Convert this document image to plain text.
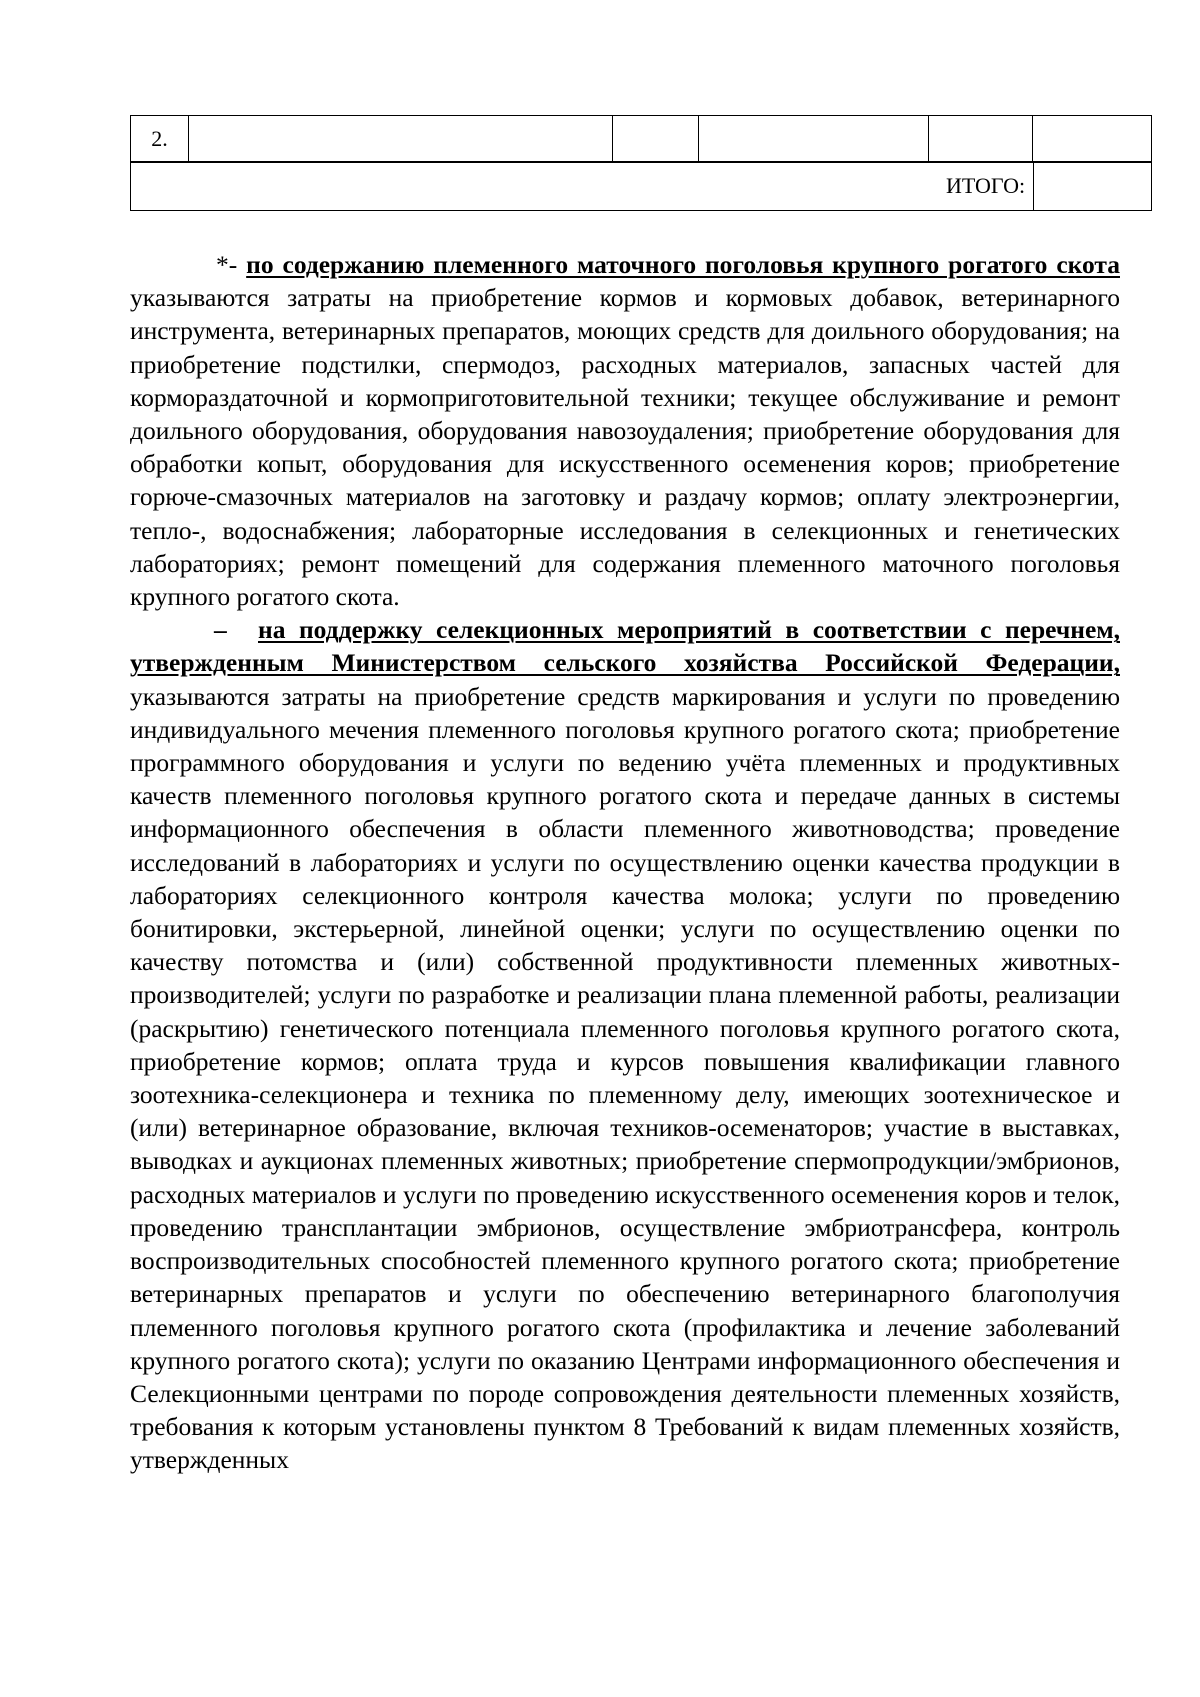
2.
ИТОГО:

*- по содержанию племенного маточного поголовья крупного рогатого скота указываются затраты на приобретение кормов и кормовых добавок, ветеринарного инструмента, ветеринарных препаратов, моющих средств для доильного оборудования; на приобретение подстилки, спермодоз, расходных материалов, запасных частей для кормораздаточной и кормоприготовительной техники; текущее обслуживание и ремонт доильного оборудования, оборудования навозоудаления; приобретение оборудования для обработки копыт, оборудования для искусственного осеменения коров; приобретение горюче-смазочных материалов на заготовку и раздачу кормов; оплату электроэнергии, тепло-, водоснабжения; лабораторные исследования в селекционных и генетических лабораториях; ремонт помещений для содержания племенного маточного поголовья крупного рогатого скота.

– на поддержку селекционных мероприятий в соответствии с перечнем, утвержденным Министерством сельского хозяйства Российской Федерации, указываются затраты на приобретение средств маркирования и услуги по проведению индивидуального мечения племенного поголовья крупного рогатого скота; приобретение программного оборудования и услуги по ведению учёта племенных и продуктивных качеств племенного поголовья крупного рогатого скота и передаче данных в системы информационного обеспечения в области племенного животноводства; проведение исследований в лабораториях и услуги по осуществлению оценки качества продукции в лабораториях селекционного контроля качества молока; услуги по проведению бонитировки, экстерьерной, линейной оценки; услуги по осуществлению оценки по качеству потомства и (или) собственной продуктивности племенных животных-производителей; услуги по разработке и реализации плана племенной работы, реализации (раскрытию) генетического потенциала племенного поголовья крупного рогатого скота, приобретение кормов; оплата труда и курсов повышения квалификации главного зоотехника-селекционера и техника по племенному делу, имеющих зоотехническое и (или) ветеринарное образование, включая техников-осеменаторов; участие в выставках, выводках и аукционах племенных животных; приобретение спермопродукции/эмбрионов, расходных материалов и услуги по проведению искусственного осеменения коров и телок, проведению трансплантации эмбрионов, осуществление эмбриотрансфера, контроль воспроизводительных способностей племенного крупного рогатого скота; приобретение ветеринарных препаратов и услуги по обеспечению ветеринарного благополучия племенного поголовья крупного рогатого скота (профилактика и лечение заболеваний крупного рогатого скота); услуги по оказанию Центрами информационного обеспечения и Селекционными центрами по породе сопровождения деятельности племенных хозяйств, требования к которым установлены пунктом 8 Требований к видам племенных хозяйств, утвержденных
